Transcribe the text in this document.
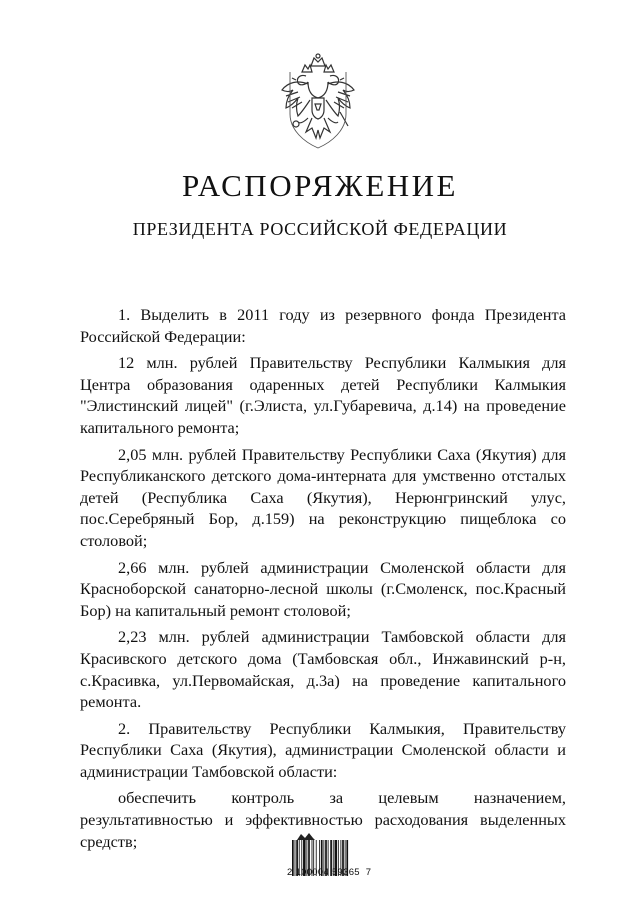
РАСПОРЯЖЕНИЕ
ПРЕЗИДЕНТА РОССИЙСКОЙ ФЕДЕРАЦИИ

1. Выделить в 2011 году из резервного фонда Президента Российской Федерации:

12 млн. рублей Правительству Республики Калмыкия для Центра образования одаренных детей Республики Калмыкия "Элистинский лицей" (г.Элиста, ул.Губаревича, д.14) на проведение капитального ремонта;

2,05 млн. рублей Правительству Республики Саха (Якутия) для Республиканского детского дома-интерната для умственно отсталых детей (Республика Саха (Якутия), Нерюнгринский улус, пос.Серебряный Бор, д.159) на реконструкцию пищеблока со столовой;

2,66 млн. рублей администрации Смоленской области для Красноборской санаторно-лесной школы (г.Смоленск, пос.Красный Бор) на капитальный ремонт столовой;

2,23 млн. рублей администрации Тамбовской области для Красивского детского дома (Тамбовская обл., Инжавинский р-н, с.Красивка, ул.Первомайская, д.3а) на проведение капитального ремонта.

2. Правительству Республики Калмыкия, Правительству Республики Саха (Якутия), администрации Смоленской области и администрации Тамбовской области:

обеспечить контроль за целевым назначением, результативностью и эффективностью расходования выделенных средств;

2 100004 59365  7
